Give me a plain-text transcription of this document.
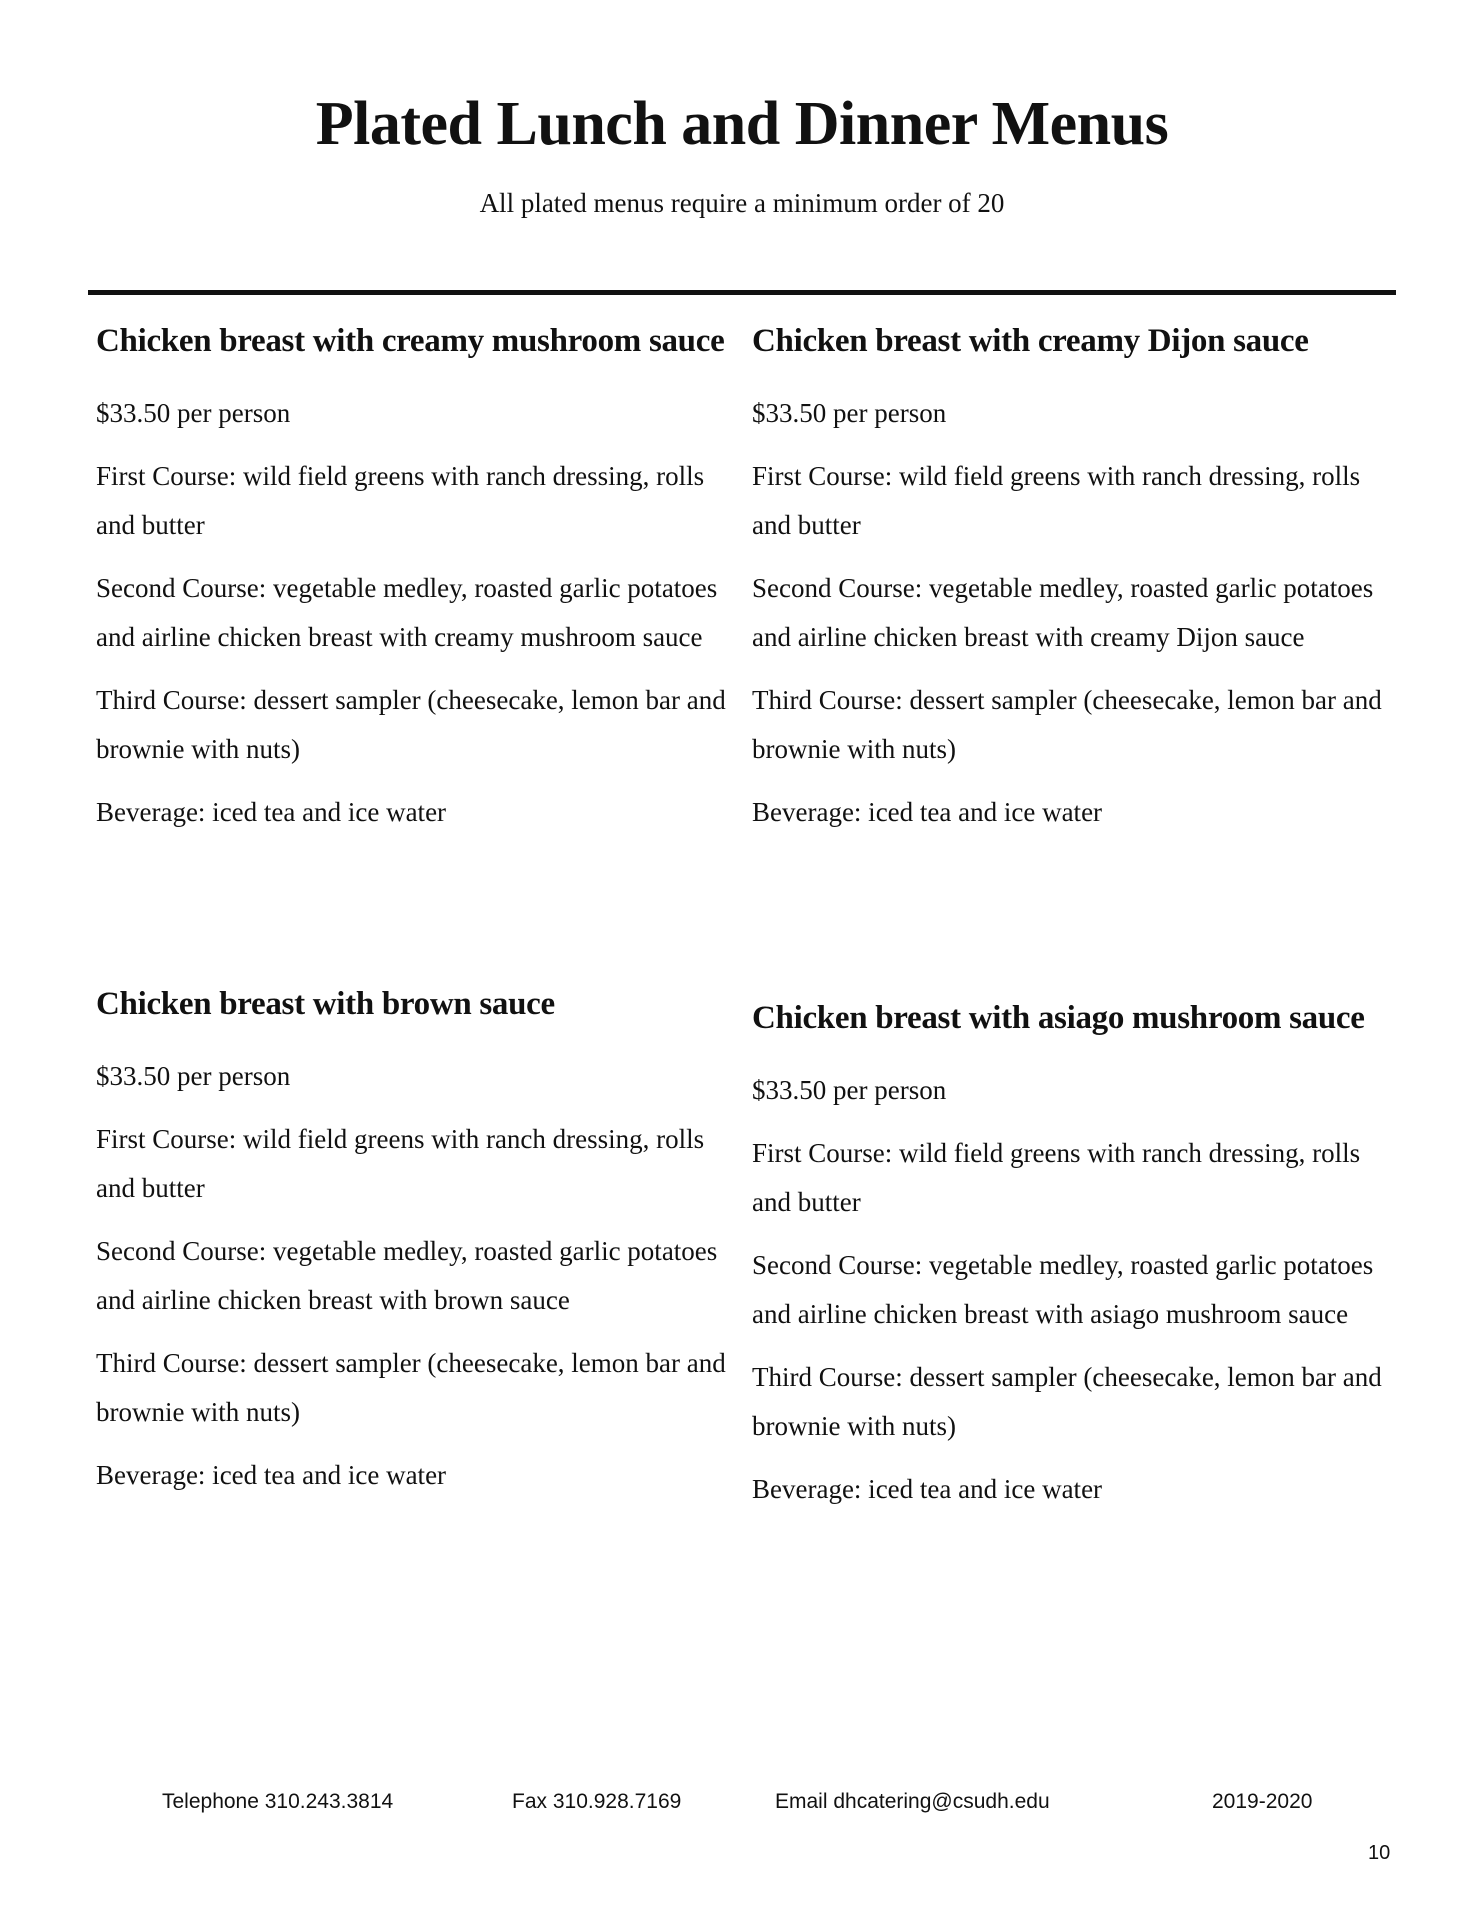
Plated Lunch and Dinner Menus

All plated menus require a minimum order of 20

Chicken breast with creamy mushroom sauce

$33.50 per person

First Course: wild field greens with ranch dressing, rolls and butter

Second Course: vegetable medley, roasted garlic potatoes and airline chicken breast with creamy mushroom sauce

Third Course: dessert sampler (cheesecake, lemon bar and brownie with nuts)

Beverage: iced tea and ice water

Chicken breast with creamy Dijon sauce

$33.50 per person

First Course: wild field greens with ranch dressing, rolls and butter

Second Course: vegetable medley, roasted garlic potatoes and airline chicken breast with creamy Dijon sauce

Third Course: dessert sampler (cheesecake, lemon bar and brownie with nuts)

Beverage: iced tea and ice water

Chicken breast with brown sauce

$33.50 per person

First Course: wild field greens with ranch dressing, rolls and butter

Second Course: vegetable medley, roasted garlic potatoes and airline chicken breast with brown sauce

Third Course: dessert sampler (cheesecake, lemon bar and brownie with nuts)

Beverage: iced tea and ice water

Chicken breast with asiago mushroom sauce

$33.50 per person

First Course: wild field greens with ranch dressing, rolls and butter

Second Course: vegetable medley, roasted garlic potatoes and airline chicken breast with asiago mushroom sauce

Third Course: dessert sampler (cheesecake, lemon bar and brownie with nuts)

Beverage: iced tea and ice water

Telephone 310.243.3814	Fax 310.928.7169	Email dhcatering@csudh.edu	2019-2020
10
